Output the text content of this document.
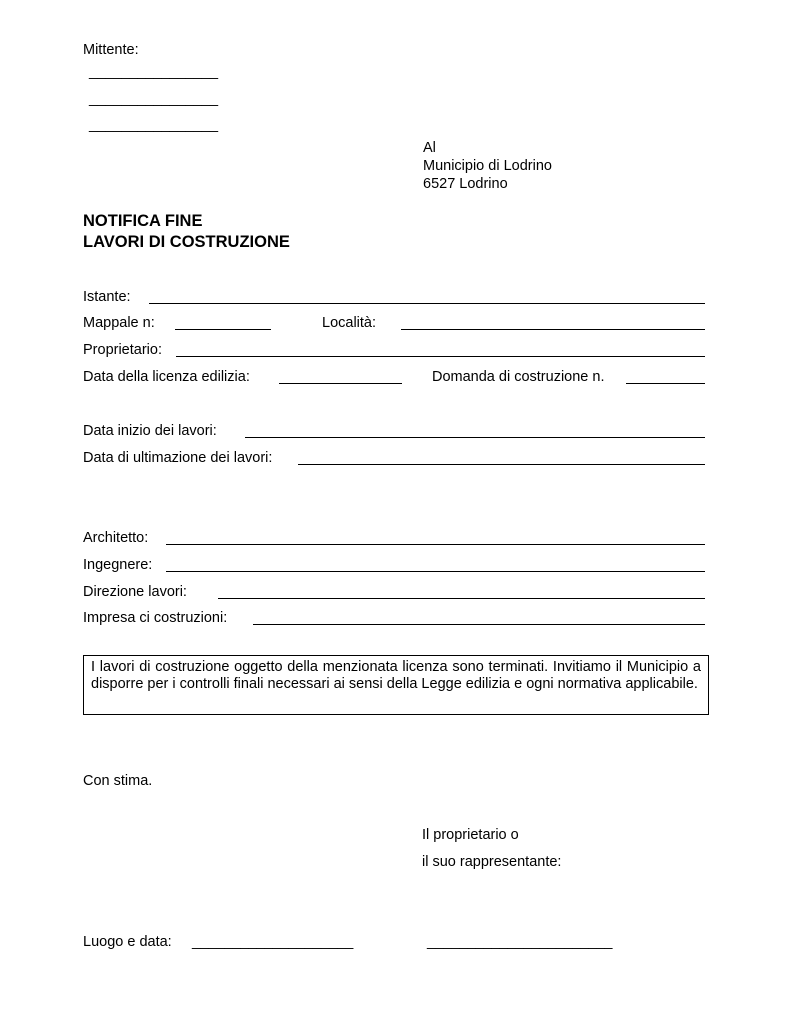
Mittente:
________________
________________
________________
Al
Municipio di Lodrino
6527 Lodrino
NOTIFICA FINE
LAVORI DI COSTRUZIONE
Istante:
Mappale n:	Località:
Proprietario:
Data della licenza edilizia:	Domanda di costruzione n.
Data inizio dei lavori:
Data di ultimazione dei lavori:
Architetto:
Ingegnere:
Direzione lavori:
Impresa ci costruzioni:
I lavori di costruzione oggetto della menzionata licenza sono terminati. Invitiamo il Municipio a disporre per i controlli finali necessari ai sensi della Legge edilizia e ogni normativa applicabile.
Con stima.
Il proprietario o
il suo rappresentante:
Luogo e data: ____________________	_______________________
